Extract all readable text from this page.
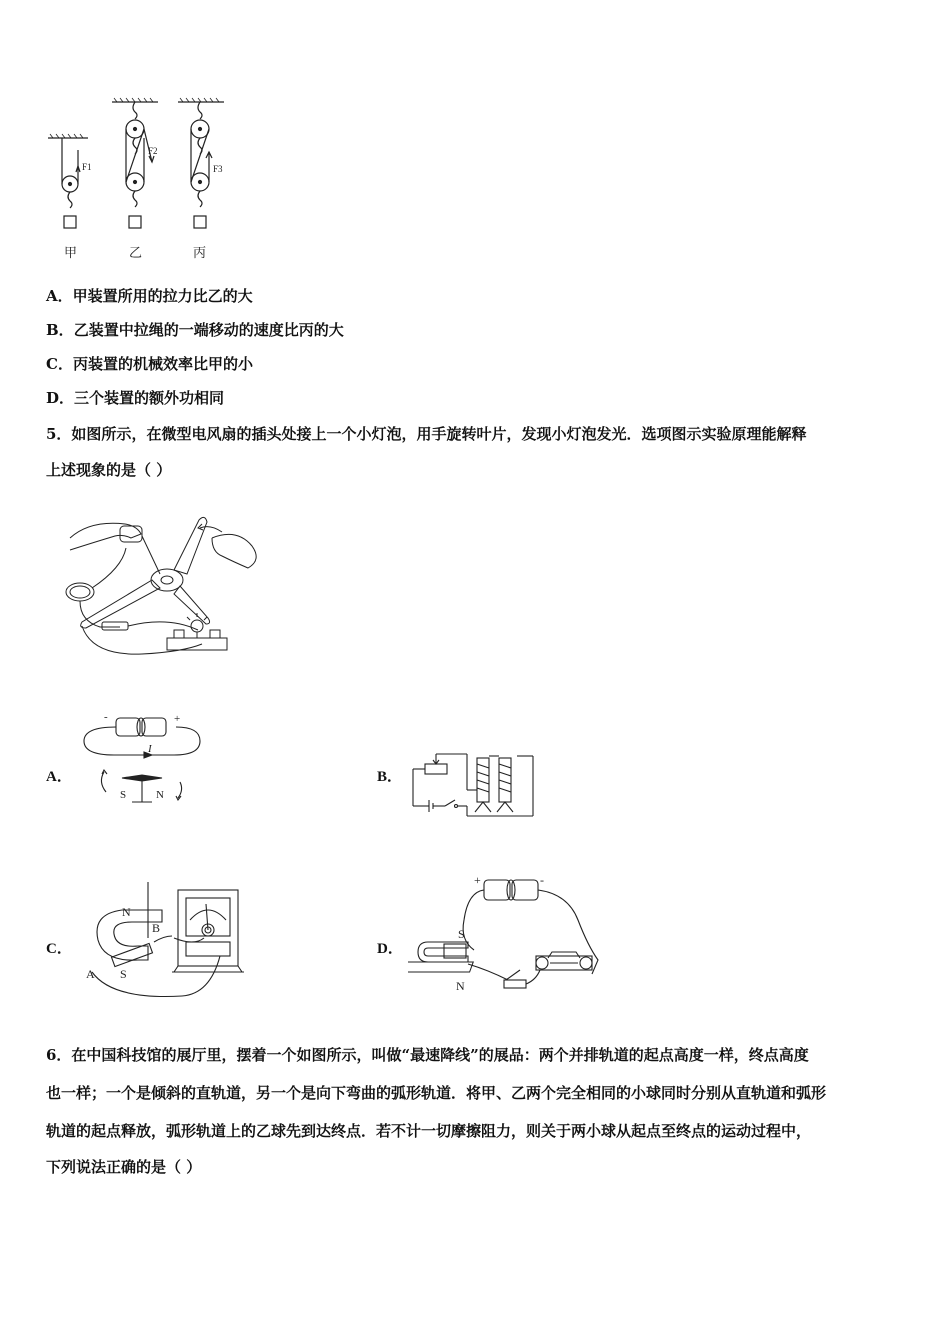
F1
F2
F3
甲	乙	丙
A．甲装置所用的拉力比乙的大
B．乙装置中拉绳的一端移动的速度比丙的大
C．丙装置的机械效率比甲的小
D．三个装置的额外功相同
5．如图所示，在微型电风扇的插头处接上一个小灯泡，用手旋转叶片，发现小灯泡发光．选项图示实验原理能解释
上述现象的是（ ）
A．
-	+
I
S	N
B．
C．
N
B
A S
D．
+	-
S
N
6．在中国科技馆的展厅里，摆着一个如图所示，叫做“最速降线”的展品：两个并排轨道的起点高度一样，终点高度
也一样；一个是倾斜的直轨道，另一个是向下弯曲的弧形轨道．将甲、乙两个完全相同的小球同时分别从直轨道和弧形
轨道的起点释放，弧形轨道上的乙球先到达终点．若不计一切摩擦阻力，则关于两小球从起点至终点的运动过程中，
下列说法正确的是（ ）
